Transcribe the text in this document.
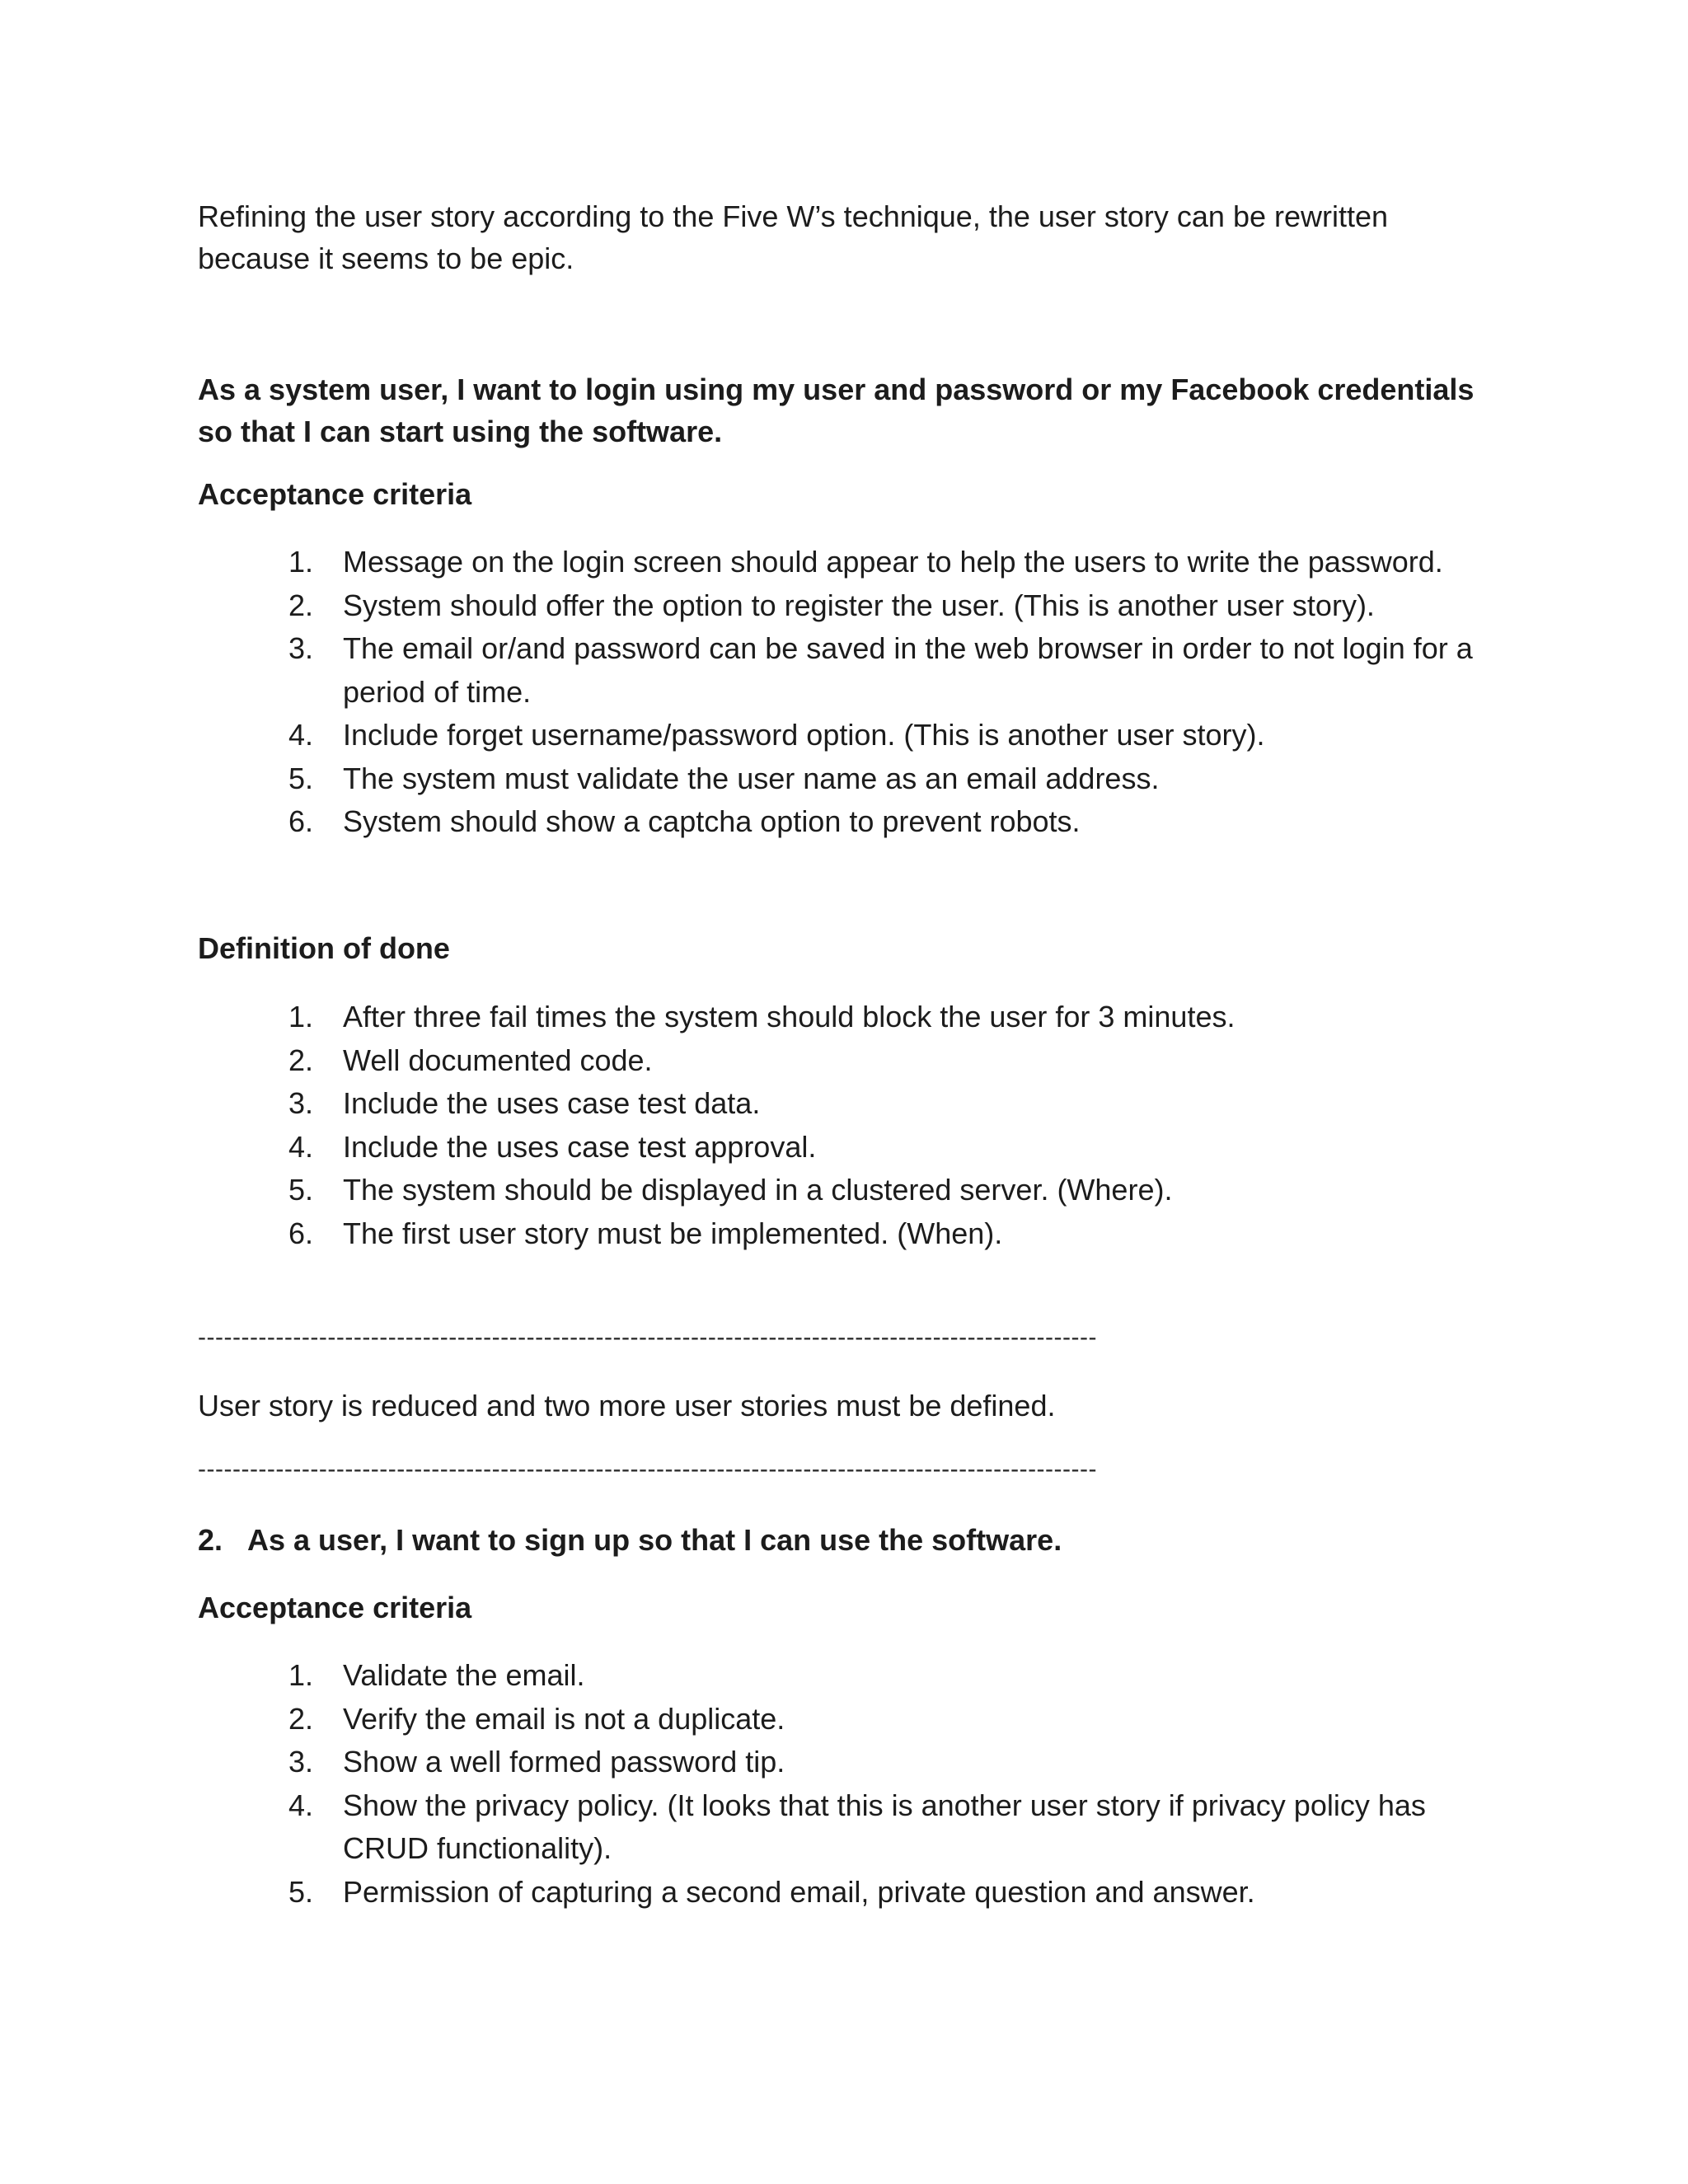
Refining the user story according to the Five W’s technique, the user story can be rewritten because it seems to be epic.

As a system user, I want to login using my user and password or my Facebook credentials so that I can start using the software.

Acceptance criteria

1. Message on the login screen should appear to help the users to write the password.
2. System should offer the option to register the user. (This is another user story).
3. The email or/and password can be saved in the web browser in order to not login for a period of time.
4. Include forget username/password option. (This is another user story).
5. The system must validate the user name as an email address.
6. System should show a captcha option to prevent robots.

Definition of done

1. After three fail times the system should block the user for 3 minutes.
2. Well documented code.
3. Include the uses case test data.
4. Include the uses case test approval.
5. The system should be displayed in a clustered server. (Where).
6. The first user story must be implemented. (When).
--------------------------------------------------------------------------------------------------------

User story is reduced and two more user stories must be defined.

--------------------------------------------------------------------------------------------------------

2. As a user, I want to sign up so that I can use the software.

Acceptance criteria

1. Validate the email.
2. Verify the email is not a duplicate.
3. Show a well formed password tip.
4. Show the privacy policy. (It looks that this is another user story if privacy policy has CRUD functionality).
5. Permission of capturing a second email, private question and answer.
